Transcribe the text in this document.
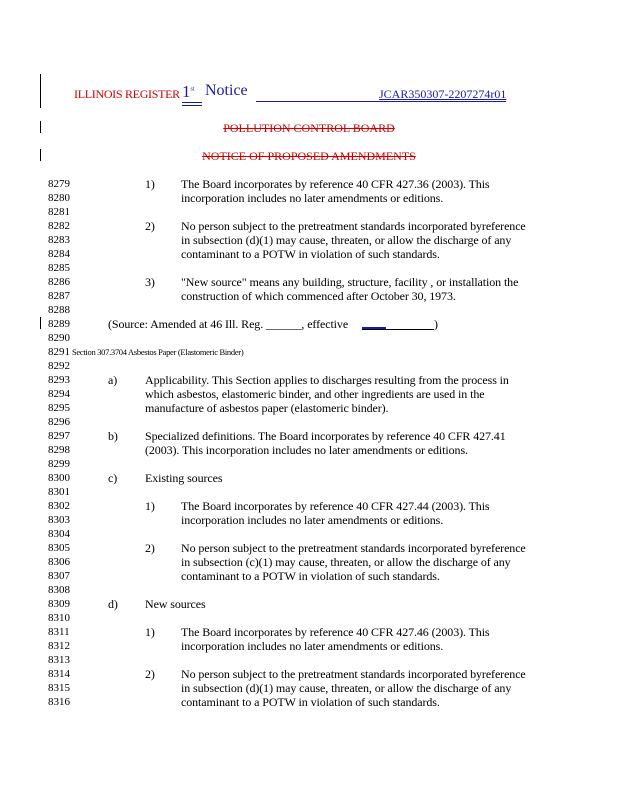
ILLINOIS REGISTER 1st Notice	JCAR350307-2207274r01
POLLUTION CONTROL BOARD
NOTICE OF PROPOSED AMENDMENTS
8279
8280
8281
8282
8283
8284
8285
8286
8287
8288
8289
8290
8291
8292
8293
8294
8295
8296
8297
8298
8299
8300
8301
8302
8303
8304
8305
8306
8307
8308
8309
8310
8311
8312
8313
8314
8315
8316
1)
2)
3)
a)
b)
c)
1)
2)
d)
1)
2)
The Board incorporates by reference 40 CFR 427.36 (2003). This
incorporation includes no later amendments or editions.
No person subject to the pretreatment standards incorporated byreference
in subsection (d)(1) may cause, threaten, or allow the discharge of any
contaminant to a POTW in violation of such standards.
"New source" means any building, structure, facility , or installation the
construction of which commenced after October 30, 1973.
(Source: Amended at 46 Ill. Reg. ______, effective	)
Section 307.3704 Asbestos Paper (Elastomeric Binder)
Applicability. This Section applies to discharges resulting from the process in
which asbestos, elastomeric binder, and other ingredients are used in the
manufacture of asbestos paper (elastomeric binder).
Specialized definitions. The Board incorporates by reference 40 CFR 427.41
(2003). This incorporation includes no later amendments or editions.
Existing sources
The Board incorporates by reference 40 CFR 427.44 (2003). This
incorporation includes no later amendments or editions.
No person subject to the pretreatment standards incorporated byreference
in subsection (c)(1) may cause, threaten, or allow the discharge of any
contaminant to a POTW in violation of such standards.
New sources
The Board incorporates by reference 40 CFR 427.46 (2003). This
incorporation includes no later amendments or editions.
No person subject to the pretreatment standards incorporated byreference
in subsection (d)(1) may cause, threaten, or allow the discharge of any
contaminant to a POTW in violation of such standards.
